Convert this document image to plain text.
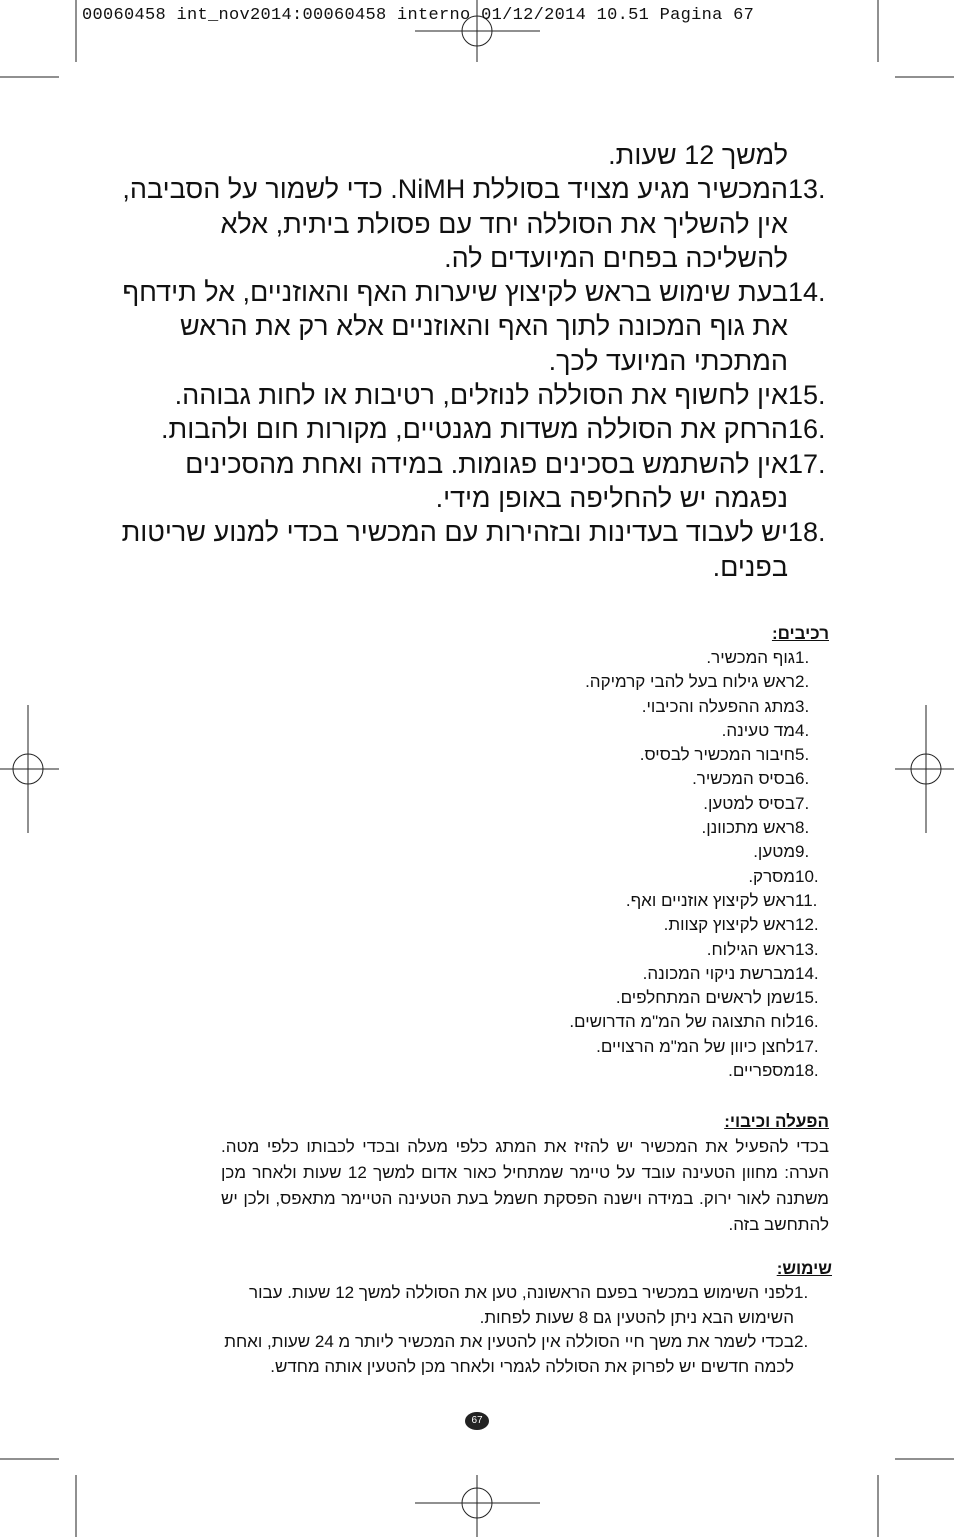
00060458 int_nov2014:00060458 interno 01/12/2014 10.51 Pagina 67
למשך 12 שעות.
13.
המכשיר מגיע מצויד בסוללת NiMH. כדי לשמור על הסביבה, אין להשליך את הסוללה יחד עם פסולת ביתית, אלא להשליכה בפחים המיועדים לה.
14.
בעת שימוש בראש לקיצוץ שיערות האף והאוזניים, אל תידחף את גוף המכונה לתוך האף והאוזניים אלא רק את הראש המתכתי המיועד לכך.
15.
אין לחשוף את הסוללה לנוזלים, רטיבות או לחות גבוהה.
16.
הרחק את הסוללה משדות מגנטיים, מקורות חום ולהבות.
17.
אין להשתמש בסכינים פגומות. במידה ואחת מהסכינים נפגמה יש להחליפה באופן מידי.
18.
יש לעבוד בעדינות ובזהירות עם המכשיר בכדי למנוע שריטות בפנים.
רכיבים:
1.
גוף המכשיר.
2.
ראש גילוח בעל להבי קרמיקה.
3.
מתג ההפעלה והכיבוי.
4.
מד טעינה.
5.
חיבור המכשיר לבסיס.
6.
בסיס המכשיר.
7.
בסיס למטען.
8.
ראש מתכוונן.
9.
מטען.
10.
מסרק.
11.
ראש לקיצוץ אוזניים ואף.
12.
ראש לקיצוץ קצוות.
13.
ראש הגילוח.
14.
מברשת ניקוי המכונה.
15.
שמן לראשים המתחלפים.
16.
לוח התצוגה של המ"מ הדרושים.
17.
לחצן כיוון של המ"מ הרצויים.
18.
מספריים.
הפעלה וכיבוי:
בכדי להפעיל את המכשיר יש להזיז את המתג כלפי מעלה ובכדי לכבותו כלפי מטה. הערה: מחוון הטעינה עובד על טיימר שמתחיל כאור אדום למשך 12 שעות ולאחר מכן משתנה לאור ירוק. במידה וישנה הפסקת חשמל בעת הטעינה הטיימר מתאפס, ולכן יש להתחשב בזה.
שימוש:
1.
לפני השימוש במכשיר בפעם הראשונה, טען את הסוללה למשך 12 שעות. עבור השימוש הבא ניתן להטעין גם 8 שעות לפחות.
2.
בכדי לשמר את משך חיי הסוללה אין להטעין את המכשיר ליותר מ 24 שעות, ואחת לכמה חדשים יש לפרוק את הסוללה לגמרי ולאחר מכן להטעין אותה מחדש.
67
